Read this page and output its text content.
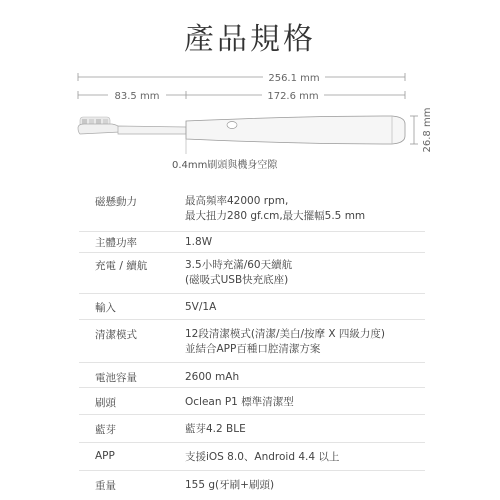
產品規格
256.1 mm
83.5 mm	172.6 mm
26.8 mm
0.4mm刷頭與機身空隙
磁懸動力	最高頻率42000 rpm,
最大扭力280 gf.cm,最大擺幅5.5 mm
主體功率	1.8W
充電 / 續航	3.5小時充滿/60天續航
(磁吸式USB快充底座)
輸入	5V/1A
清潔模式	12段清潔模式(清潔/美白/按摩 X 四級力度)
並結合APP百種口腔清潔方案
電池容量	2600 mAh
刷頭	Oclean P1 標準清潔型
藍芽	藍芽4.2 BLE
APP	支援iOS 8.0、Android 4.4 以上
重量	155 g(牙刷+刷頭)
